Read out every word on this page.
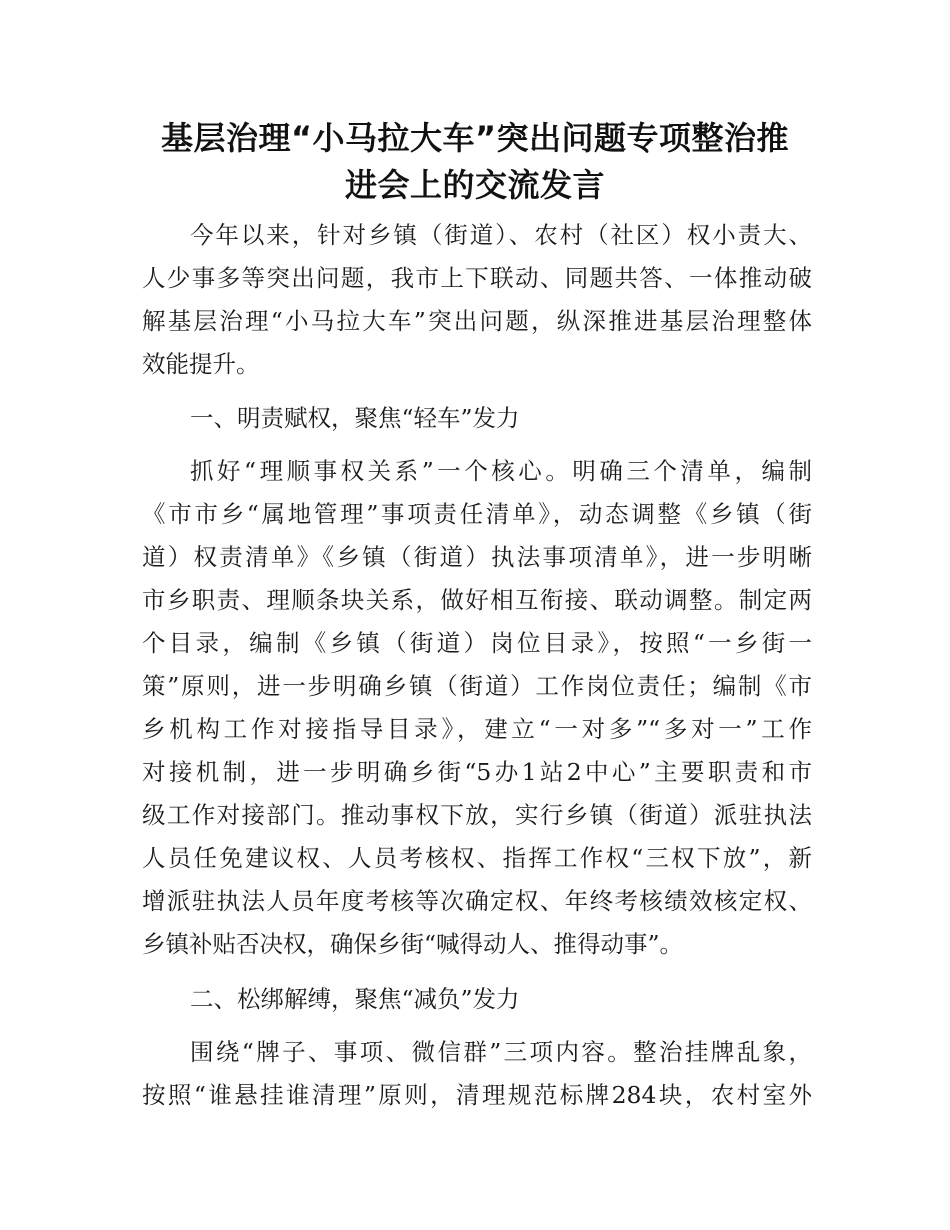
基层治理“小马拉大车”突出问题专项整治推
进会上的交流发言
今年以来，针对乡镇（街道）、农村（社区）权小责大、
人少事多等突出问题，我市上下联动、同题共答、一体推动破
解基层治理“小马拉大车”突出问题，纵深推进基层治理整体
效能提升。
一、明责赋权，聚焦“轻车”发力
抓好“理顺事权关系”一个核心。明确三个清单，编制
《市市乡“属地管理”事项责任清单》，动态调整《乡镇（街
道）权责清单》《乡镇（街道）执法事项清单》，进一步明晰
市乡职责、理顺条块关系，做好相互衔接、联动调整。制定两
个目录，编制《乡镇（街道）岗位目录》，按照“一乡街一
策”原则，进一步明确乡镇（街道）工作岗位责任；编制《市
乡机构工作对接指导目录》，建立“一对多”“多对一”工作
对接机制，进一步明确乡街“5办1站2中心”主要职责和市
级工作对接部门。推动事权下放，实行乡镇（街道）派驻执法
人员任免建议权、人员考核权、指挥工作权“三权下放”，新
增派驻执法人员年度考核等次确定权、年终考核绩效核定权、
乡镇补贴否决权，确保乡街“喊得动人、推得动事”。
二、松绑解缚，聚焦“减负”发力
围绕“牌子、事项、微信群”三项内容。整治挂牌乱象，
按照“谁悬挂谁清理”原则，清理规范标牌284块，农村室外
